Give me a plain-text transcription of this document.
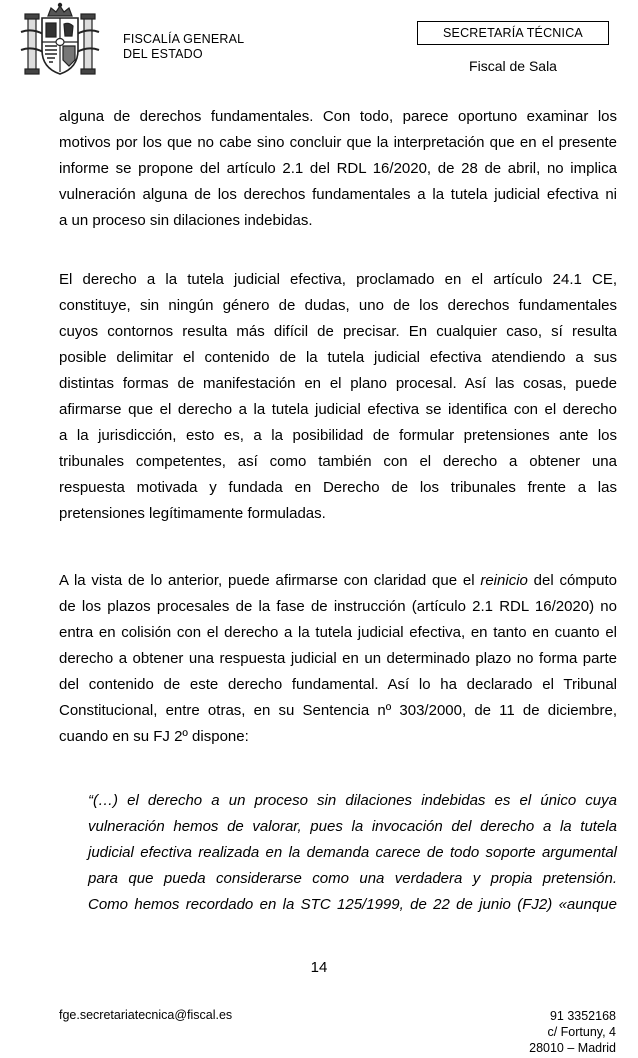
FISCALÍA GENERAL
DEL ESTADO
SECRETARÍA TÉCNICA
Fiscal de Sala

alguna de derechos fundamentales. Con todo, parece oportuno examinar los
motivos por los que no cabe sino concluir que la interpretación que en el presente
informe se propone del artículo 2.1 del RDL 16/2020, de 28 de abril, no implica
vulneración alguna de los derechos fundamentales a la tutela judicial efectiva ni
a un proceso sin dilaciones indebidas.

El derecho a la tutela judicial efectiva, proclamado en el artículo 24.1 CE,
constituye, sin ningún género de dudas, uno de los derechos fundamentales
cuyos contornos resulta más difícil de precisar. En cualquier caso, sí resulta
posible delimitar el contenido de la tutela judicial efectiva atendiendo a sus
distintas formas de manifestación en el plano procesal. Así las cosas, puede
afirmarse que el derecho a la tutela judicial efectiva se identifica con el derecho
a la jurisdicción, esto es, a la posibilidad de formular pretensiones ante los
tribunales competentes, así como también con el derecho a obtener una
respuesta motivada y fundada en Derecho de los tribunales frente a las
pretensiones legítimamente formuladas.

A la vista de lo anterior, puede afirmarse con claridad que el reinicio del cómputo
de los plazos procesales de la fase de instrucción (artículo 2.1 RDL 16/2020) no
entra en colisión con el derecho a la tutela judicial efectiva, en tanto en cuanto el
derecho a obtener una respuesta judicial en un determinado plazo no forma parte
del contenido de este derecho fundamental. Así lo ha declarado el Tribunal
Constitucional, entre otras, en su Sentencia nº 303/2000, de 11 de diciembre,
cuando en su FJ 2º dispone:

“(…) el derecho a un proceso sin dilaciones indebidas es el único cuya
vulneración hemos de valorar, pues la invocación del derecho a la tutela
judicial efectiva realizada en la demanda carece de todo soporte argumental
para que pueda considerarse como una verdadera y propia pretensión.
Como hemos recordado en la STC 125/1999, de 22 de junio (FJ2) «aunque

14
fge.secretariatecnica@fiscal.es	91 3352168
c/ Fortuny, 4
28010 – Madrid
